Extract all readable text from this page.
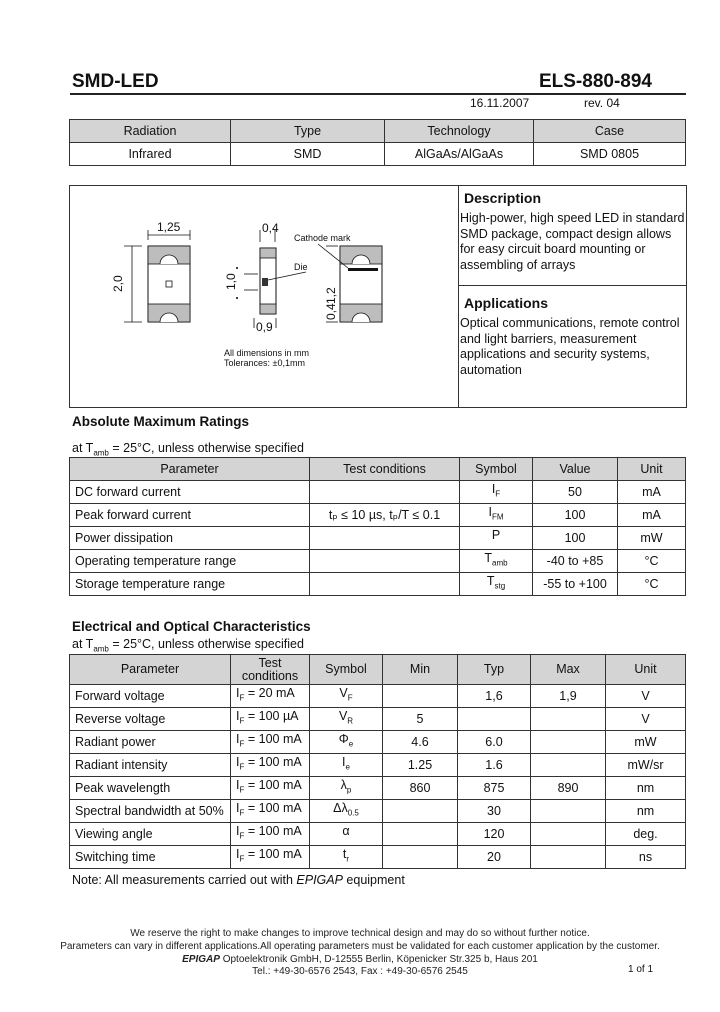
SMD-LED	ELS-880-894
16.11.2007	rev. 04
Radiation	Type	Technology	Case
Infrared	SMD	AlGaAs/AlGaAs	SMD 0805
1,25
2,0
0,4
1,0
0,9
1,2
0,4
Cathode mark
Die
All dimensions in mm
Tolerances: ±0,1mm
Description
High-power, high speed LED in standard SMD package, compact design allows for easy circuit board mounting or assembling of arrays
Applications
Optical communications, remote control and light barriers, measurement applications and security systems, automation
Absolute Maximum Ratings
at $T_{amb} = 25^\circ C$, unless otherwise specified
Parameter	Test conditions	Symbol	Value	Unit
DC forward current		$I_F$	50	mA
Peak forward current	tₚ ≤ 10 µs, tₚ/T ≤ 0.1	$I_{FM}$	100	mA
Power dissipation		P	100	mW
Operating temperature range		$T_{amb}$	-40 to +85	°C
Storage temperature range		$T_{stg}$	-55 to +100	°C
Electrical and Optical Characteristics
at $T_{amb} = 25^\circ C$, unless otherwise specified
Parameter	Test conditions	Symbol	Min	Typ	Max	Unit
Forward voltage	$I_F = 20$ mA	$V_F$		1,6	1,9	V
Reverse voltage	$I_F = 100$ µA	$V_R$	5			V
Radiant power	$I_F = 100$ mA	$\Phi_e$	4.6	6.0		mW
Radiant intensity	$I_F = 100$ mA	$I_e$	1.25	1.6		mW/sr
Peak wavelength	$I_F = 100$ mA	$\lambda_p$	860	875	890	nm
Spectral bandwidth at 50%	$I_F = 100$ mA	$\Delta\lambda_{0.5}$		30		nm
Viewing angle	$I_F = 100$ mA	α		120		deg.
Switching time	$I_F = 100$ mA	$t_r$		20		ns
Note: All measurements carried out with EPIGAP equipment
We reserve the right to make changes to improve technical design and may do so without further notice.
Parameters can vary in different applications.All operating parameters must be validated for each customer application by the customer.
EPIGAP Optoelektronik GmbH, D-12555 Berlin, Köpenicker Str.325 b, Haus 201
Tel.: +49-30-6576 2543, Fax : +49-30-6576 2545	1 of 1
